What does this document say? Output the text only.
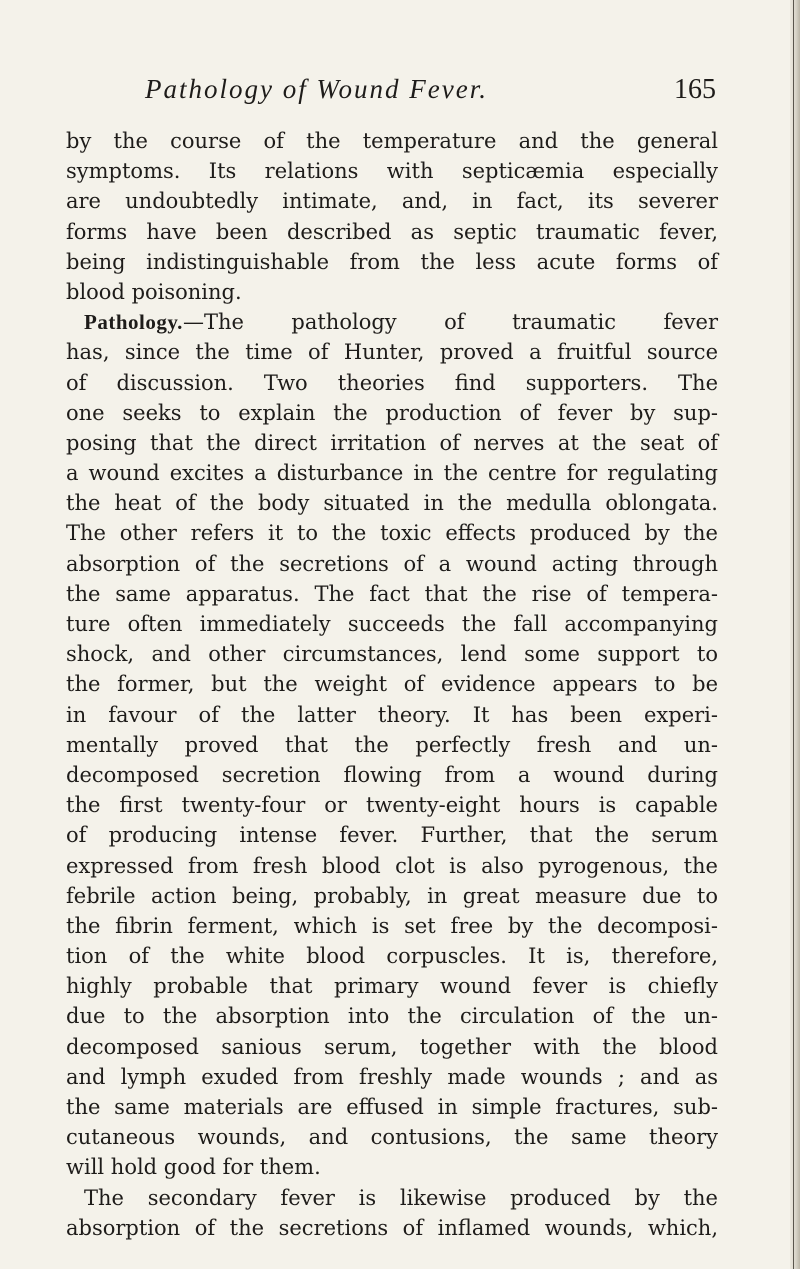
Pathology of Wound Fever.	165
by the course of the temperature and the general
symptoms. Its relations with septicæmia especially
are undoubtedly intimate, and, in fact, its severer
forms have been described as septic traumatic fever,
being indistinguishable from the less acute forms of
blood poisoning.
Pathology.—The pathology of traumatic fever
has, since the time of Hunter, proved a fruitful source
of discussion. Two theories find supporters. The
one seeks to explain the production of fever by sup-
posing that the direct irritation of nerves at the seat of
a wound excites a disturbance in the centre for regulating
the heat of the body situated in the medulla oblongata.
The other refers it to the toxic effects produced by the
absorption of the secretions of a wound acting through
the same apparatus. The fact that the rise of tempera-
ture often immediately succeeds the fall accompanying
shock, and other circumstances, lend some support to
the former, but the weight of evidence appears to be
in favour of the latter theory. It has been experi-
mentally proved that the perfectly fresh and un-
decomposed secretion flowing from a wound during
the first twenty-four or twenty-eight hours is capable
of producing intense fever. Further, that the serum
expressed from fresh blood clot is also pyrogenous, the
febrile action being, probably, in great measure due to
the fibrin ferment, which is set free by the decomposi-
tion of the white blood corpuscles. It is, therefore,
highly probable that primary wound fever is chiefly
due to the absorption into the circulation of the un-
decomposed sanious serum, together with the blood
and lymph exuded from freshly made wounds ; and as
the same materials are effused in simple fractures, sub-
cutaneous wounds, and contusions, the same theory
will hold good for them.
The secondary fever is likewise produced by the
absorption of the secretions of inflamed wounds, which,
